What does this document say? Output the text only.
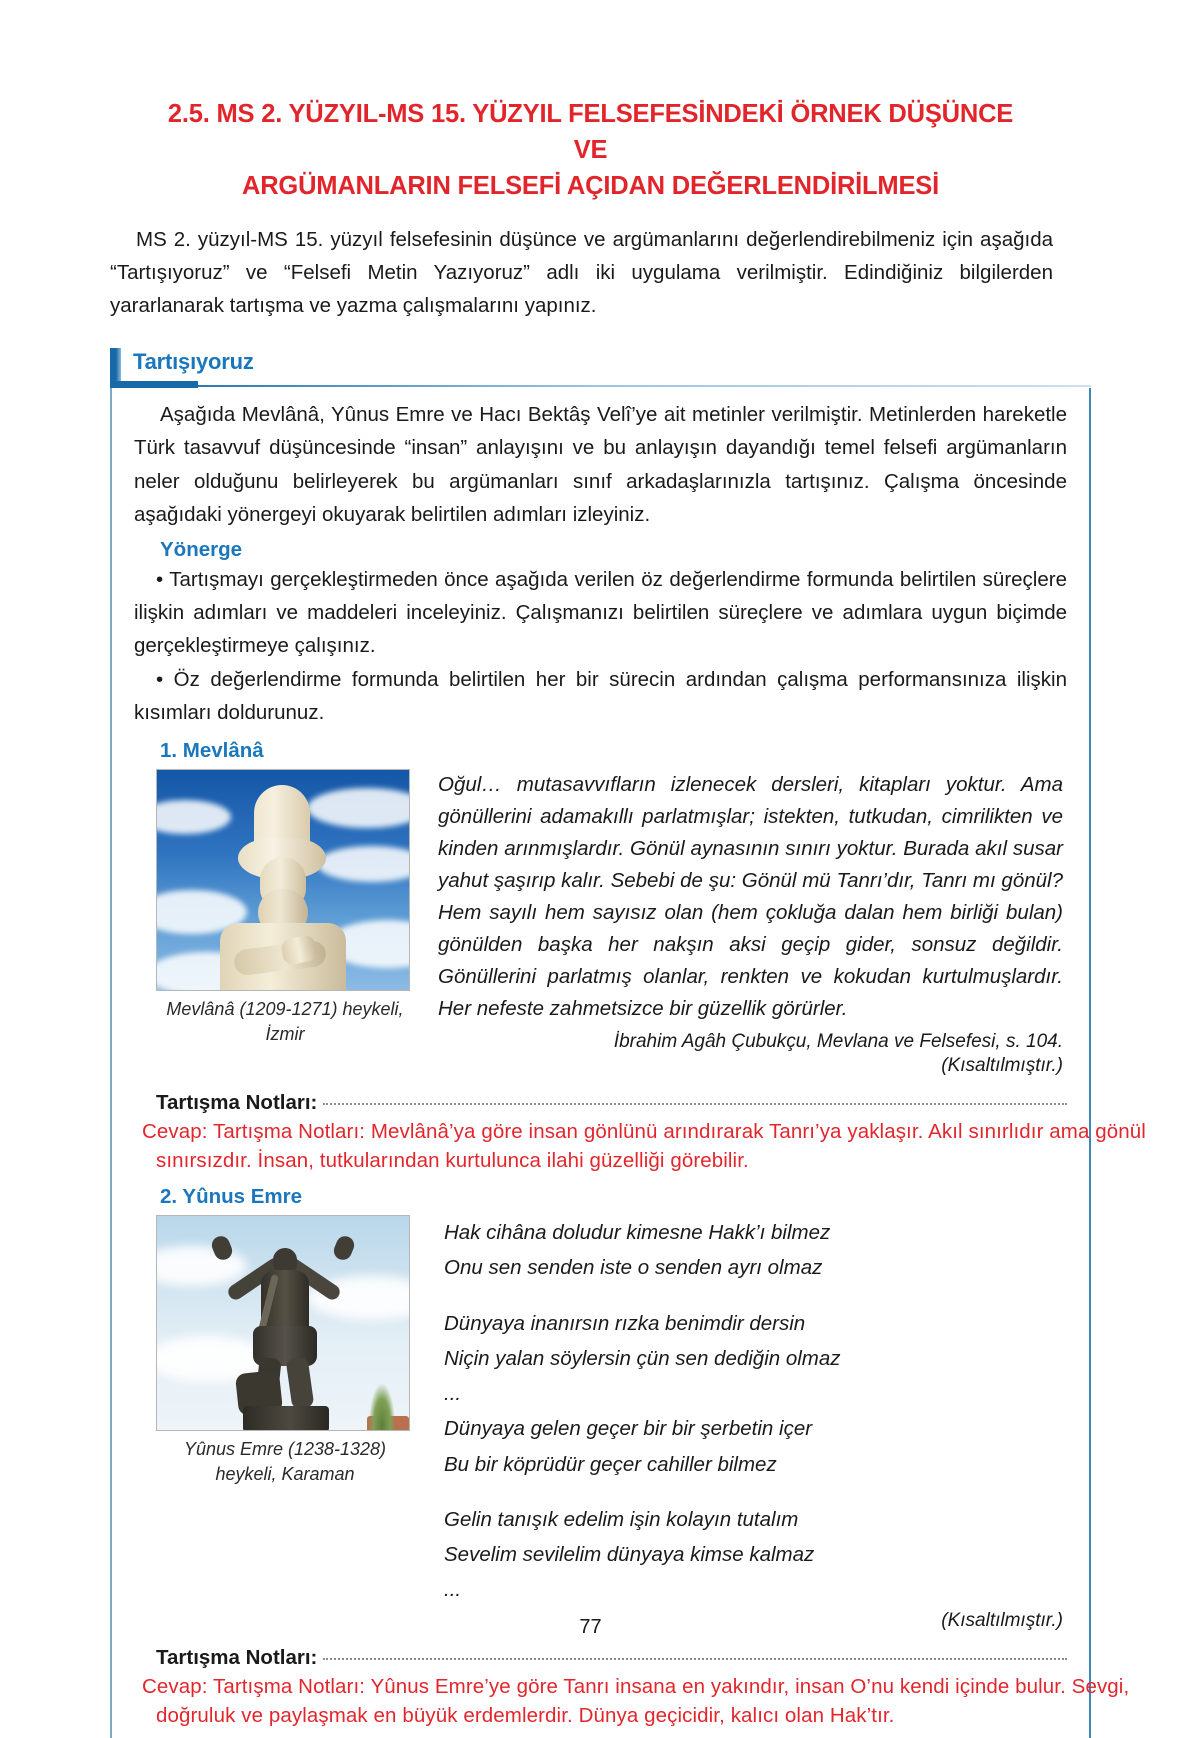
2.5. MS 2. YÜZYIL-MS 15. YÜZYIL FELSEFESİNDEKİ ÖRNEK DÜŞÜNCE VE
ARGÜMANLARIN FELSEFİ AÇIDAN DEĞERLENDİRİLMESİ
MS 2. yüzyıl-MS 15. yüzyıl felsefesinin düşünce ve argümanlarını değerlendirebilmeniz için aşağıda “Tartışıyoruz” ve “Felsefi Metin Yazıyoruz” adlı iki uygulama verilmiştir. Edindiğiniz bilgilerden yararlanarak tartışma ve yazma çalışmalarını yapınız.
Tartışıyoruz

Aşağıda Mevlânâ, Yûnus Emre ve Hacı Bektâş Velî’ye ait metinler verilmiştir. Metinlerden hareketle Türk tasavvuf düşüncesinde “insan” anlayışını ve bu anlayışın dayandığı temel felsefi argümanların neler olduğunu belirleyerek bu argümanları sınıf arkadaşlarınızla tartışınız. Çalışma öncesinde aşağıdaki yönergeyi okuyarak belirtilen adımları izleyiniz.

Yönerge

• Tartışmayı gerçekleştirmeden önce aşağıda verilen öz değerlendirme formunda belirtilen süreçlere ilişkin adımları ve maddeleri inceleyiniz. Çalışmanızı belirtilen süreçlere ve adımlara uygun biçimde gerçekleştirmeye çalışınız.

• Öz değerlendirme formunda belirtilen her bir sürecin ardından çalışma performansınıza ilişkin kısımları doldurunuz.

1. Mevlânâ
Mevlânâ (1209-1271) heykeli,
İzmir

Oğul… mutasavvıfların izlenecek dersleri, kitapları yoktur. Ama gönüllerini adamakıllı parlatmışlar; istekten, tutkudan, cimrilikten ve kinden arınmışlardır. Gönül aynasının sınırı yoktur. Burada akıl susar yahut şaşırıp kalır. Sebebi de şu: Gönül mü Tanrı’dır, Tanrı mı gönül? Hem sayılı hem sayısız olan (hem çokluğa dalan hem birliği bulan) gönülden başka her nakşın aksi geçip gider, sonsuz değildir. Gönüllerini parlatmış olanlar, renkten ve kokudan kurtulmuşlardır. Her nefeste zahmetsizce bir güzellik görürler.

İbrahim Agâh Çubukçu, Mevlana ve Felsefesi, s. 104.

(Kısaltılmıştır.)

Tartışma Notları:
Cevap: Tartışma Notları: Mevlânâ’ya göre insan gönlünü arındırarak Tanrı’ya yaklaşır. Akıl sınırlıdır ama gönül
sınırsızdır. İnsan, tutkularından kurtulunca ilahi güzelliği görebilir.
2. Yûnus Emre
Yûnus Emre (1238-1328)
heykeli, Karaman
Hak cihâna doludur kimesne Hakk’ı bilmez
Onu sen senden iste o senden ayrı olmaz
Dünyaya inanırsın rızka benimdir dersin
Niçin yalan söylersin çün sen dediğin olmaz
...
Dünyaya gelen geçer bir bir şerbetin içer
Bu bir köprüdür geçer cahiller bilmez
Gelin tanışık edelim işin kolayın tutalım
Sevelim sevilelim dünyaya kimse kalmaz
...

(Kısaltılmıştır.)

Tartışma Notları:
Cevap: Tartışma Notları: Yûnus Emre’ye göre Tanrı insana en yakındır, insan O’nu kendi içinde bulur. Sevgi,
doğruluk ve paylaşmak en büyük erdemlerdir. Dünya geçicidir, kalıcı olan Hak’tır.
77
